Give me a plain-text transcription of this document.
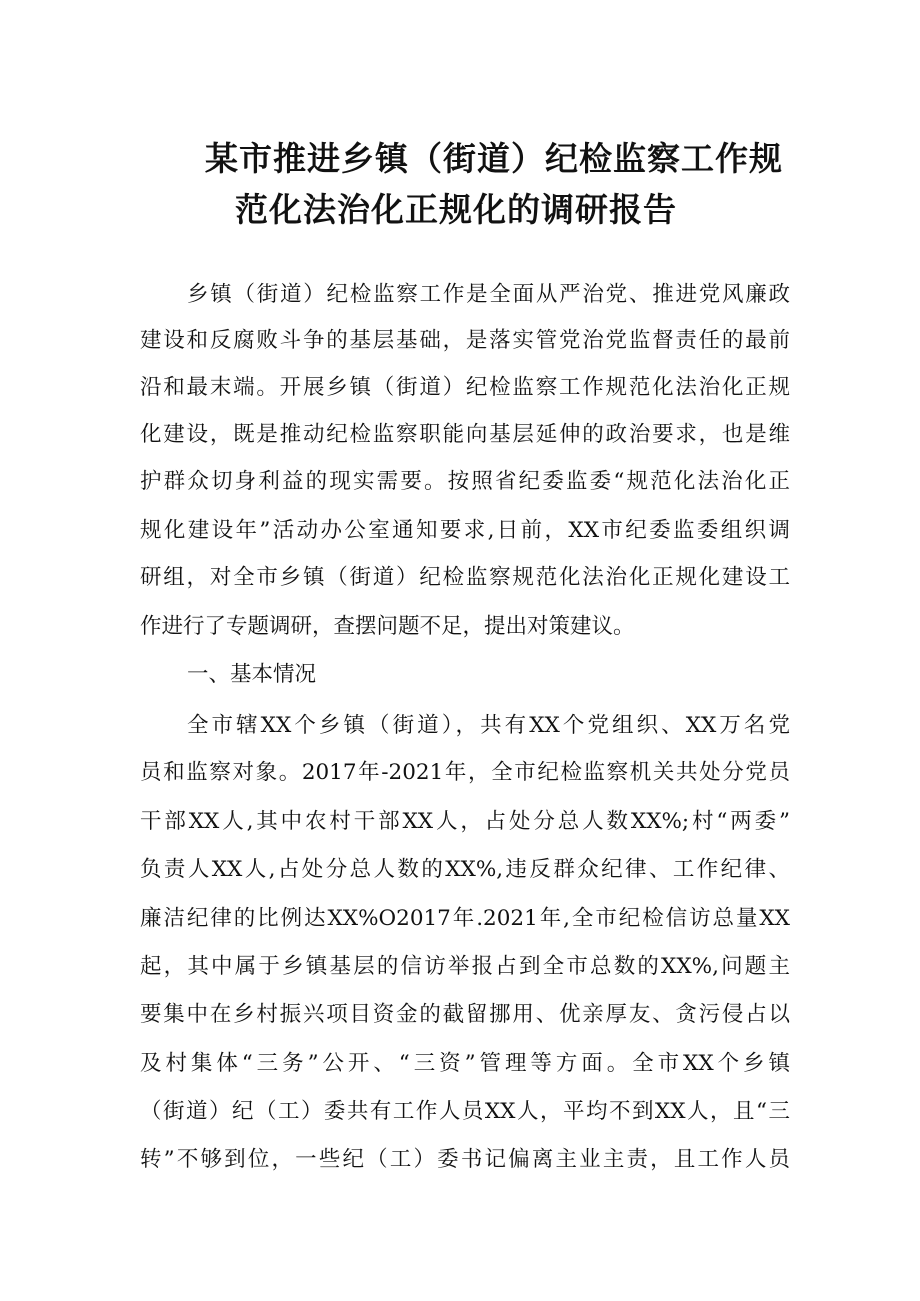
某市推进乡镇（街道）纪检监察工作规
范化法治化正规化的调研报告
乡镇（街道）纪检监察工作是全面从严治党、推进党风廉政
建设和反腐败斗争的基层基础，是落实管党治党监督责任的最前
沿和最末端。开展乡镇（街道）纪检监察工作规范化法治化正规
化建设，既是推动纪检监察职能向基层延伸的政治要求，也是维
护群众切身利益的现实需要。按照省纪委监委“规范化法治化正
规化建设年”活动办公室通知要求,日前，XX市纪委监委组织调
研组，对全市乡镇（街道）纪检监察规范化法治化正规化建设工
作进行了专题调研，查摆问题不足，提出对策建议。
一、基本情况
全市辖XX个乡镇（街道），共有XX个党组织、XX万名党
员和监察对象。2017年-2021年，全市纪检监察机关共处分党员
干部XX人,其中农村干部XX人，占处分总人数XX%;村“两委”
负责人XX人,占处分总人数的XX%,违反群众纪律、工作纪律、
廉洁纪律的比例达XX%O2017年.2021年,全市纪检信访总量XX
起，其中属于乡镇基层的信访举报占到全市总数的XX%,问题主
要集中在乡村振兴项目资金的截留挪用、优亲厚友、贪污侵占以
及村集体“三务”公开、“三资”管理等方面。全市XX个乡镇
（街道）纪（工）委共有工作人员XX人，平均不到XX人，且“三
转”不够到位，一些纪（工）委书记偏离主业主责，且工作人员
